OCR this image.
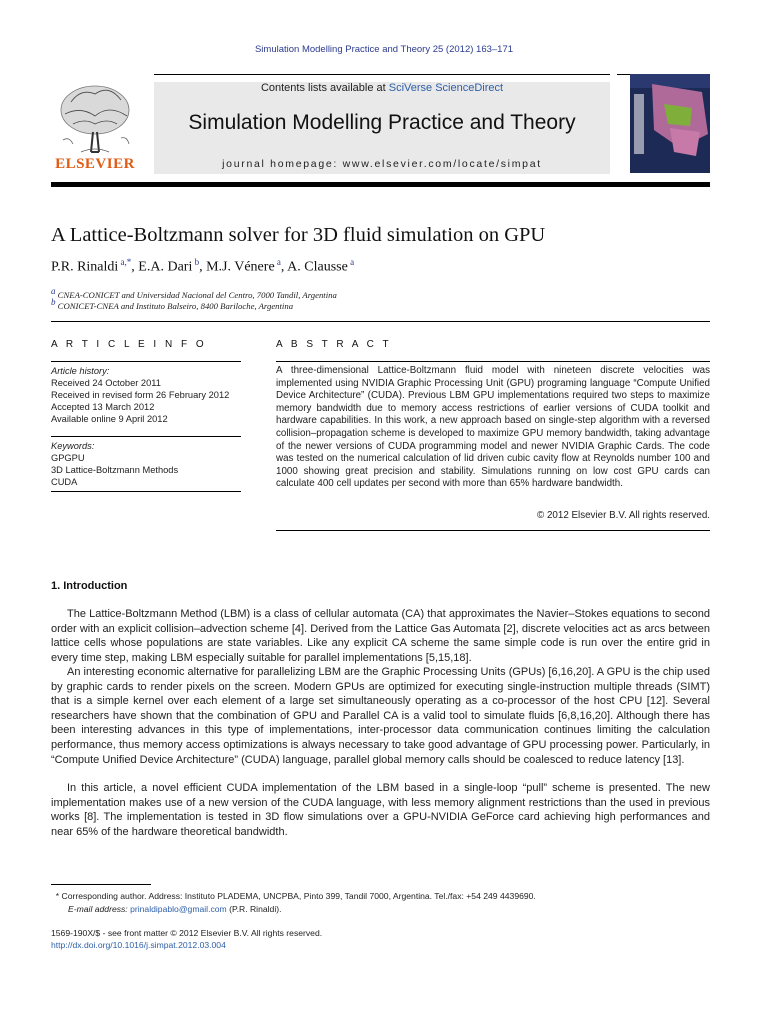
Simulation Modelling Practice and Theory 25 (2012) 163–171
ELSEVIER
Contents lists available at SciVerse ScienceDirect
Simulation Modelling Practice and Theory
journal homepage: www.elsevier.com/locate/simpat
A Lattice-Boltzmann solver for 3D fluid simulation on GPU
P.R. Rinaldi $^{a,*}$, E.A. Dari $^b$, M.J. Vénere $^a$, A. Clausse $^a$
$^a$ CNEA-CONICET and Universidad Nacional del Centro, 7000 Tandil, Argentina
$^b$ CONICET-CNEA and Instituto Balseiro, 8400 Bariloche, Argentina
A R T I C L E I N F O
Article history:
Received 24 October 2011
Received in revised form 26 February 2012
Accepted 13 March 2012
Available online 9 April 2012
Keywords:
GPGPU
3D Lattice-Boltzmann Methods
CUDA
A B S T R A C T
A three-dimensional Lattice-Boltzmann fluid model with nineteen discrete velocities was implemented using NVIDIA Graphic Processing Unit (GPU) programing language “Compute Unified Device Architecture” (CUDA). Previous LBM GPU implementations required two steps to maximize memory bandwidth due to memory access restrictions of earlier versions of CUDA toolkit and hardware capabilities. In this work, a new approach based on single-step algorithm with a reversed collision–propagation scheme is developed to maximize GPU memory bandwidth, taking advantage of the newer versions of CUDA programming model and newer NVIDIA Graphic Cards. The code was tested on the numerical calculation of lid driven cubic cavity flow at Reynolds number 100 and 1000 showing great precision and stability. Simulations running on low cost GPU cards can calculate 400 cell updates per second with more than 65% hardware bandwidth.
© 2012 Elsevier B.V. All rights reserved.
1. Introduction
The Lattice-Boltzmann Method (LBM) is a class of cellular automata (CA) that approximates the Navier–Stokes equations to second order with an explicit collision–advection scheme [4]. Derived from the Lattice Gas Automata [2], discrete velocities act as arcs between lattice cells whose populations are state variables. Like any explicit CA scheme the same simple code is run over the entire grid in every time step, making LBM especially suitable for parallel implementations [5,15,18].
An interesting economic alternative for parallelizing LBM are the Graphic Processing Units (GPUs) [6,16,20]. A GPU is the chip used by graphic cards to render pixels on the screen. Modern GPUs are optimized for executing single-instruction multiple threads (SIMT) that is a simple kernel over each element of a large set simultaneously operating as a co-processor of the host CPU [12]. Several researchers have shown that the combination of GPU and Parallel CA is a valid tool to simulate fluids [6,8,16,20]. Although there has been interesting advances in this type of implementations, inter-processor data communication continues limiting the calculation performance, thus memory access optimizations is always necessary to take good advantage of GPU processing power. Particularly, in “Compute Unified Device Architecture” (CUDA) language, parallel global memory calls should be coalesced to reduce latency [13].
In this article, a novel efficient CUDA implementation of the LBM based in a single-loop “pull” scheme is presented. The new implementation makes use of a new version of the CUDA language, with less memory alignment restrictions than the used in previous works [8]. The implementation is tested in 3D flow simulations over a GPU-NVIDIA GeForce card achieving high performances and near 65% of the hardware theoretical bandwidth.
* Corresponding author. Address: Instituto PLADEMA, UNCPBA, Pinto 399, Tandil 7000, Argentina. Tel./fax: +54 249 4439690.
E-mail address: prinaldipablo@gmail.com (P.R. Rinaldi).
1569-190X/$ - see front matter © 2012 Elsevier B.V. All rights reserved.
http://dx.doi.org/10.1016/j.simpat.2012.03.004
